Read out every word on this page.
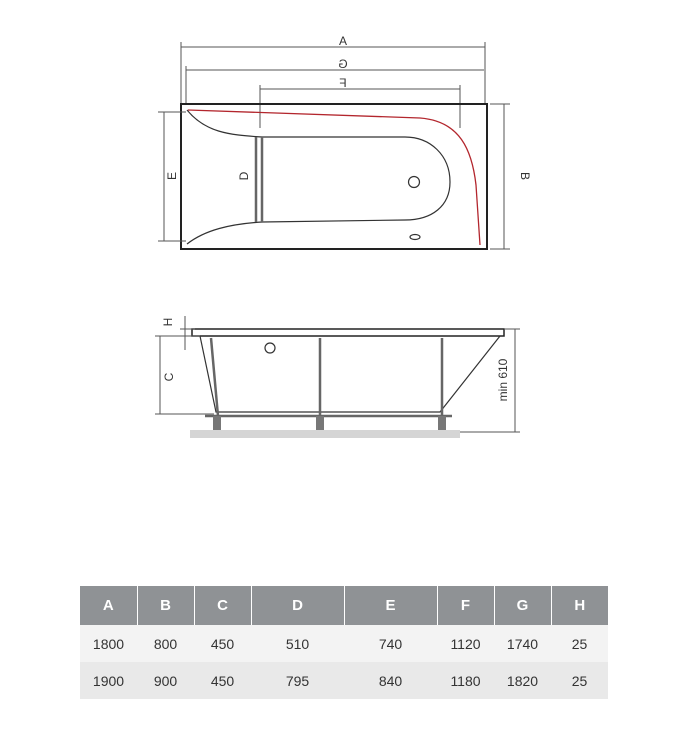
A
G
F
D
E	B
H
C	min 610
A	B	C	D	E	F	G	H
1800	800	450	510	740	1120	1740	25
1900	900	450	795	840	1180	1820	25
